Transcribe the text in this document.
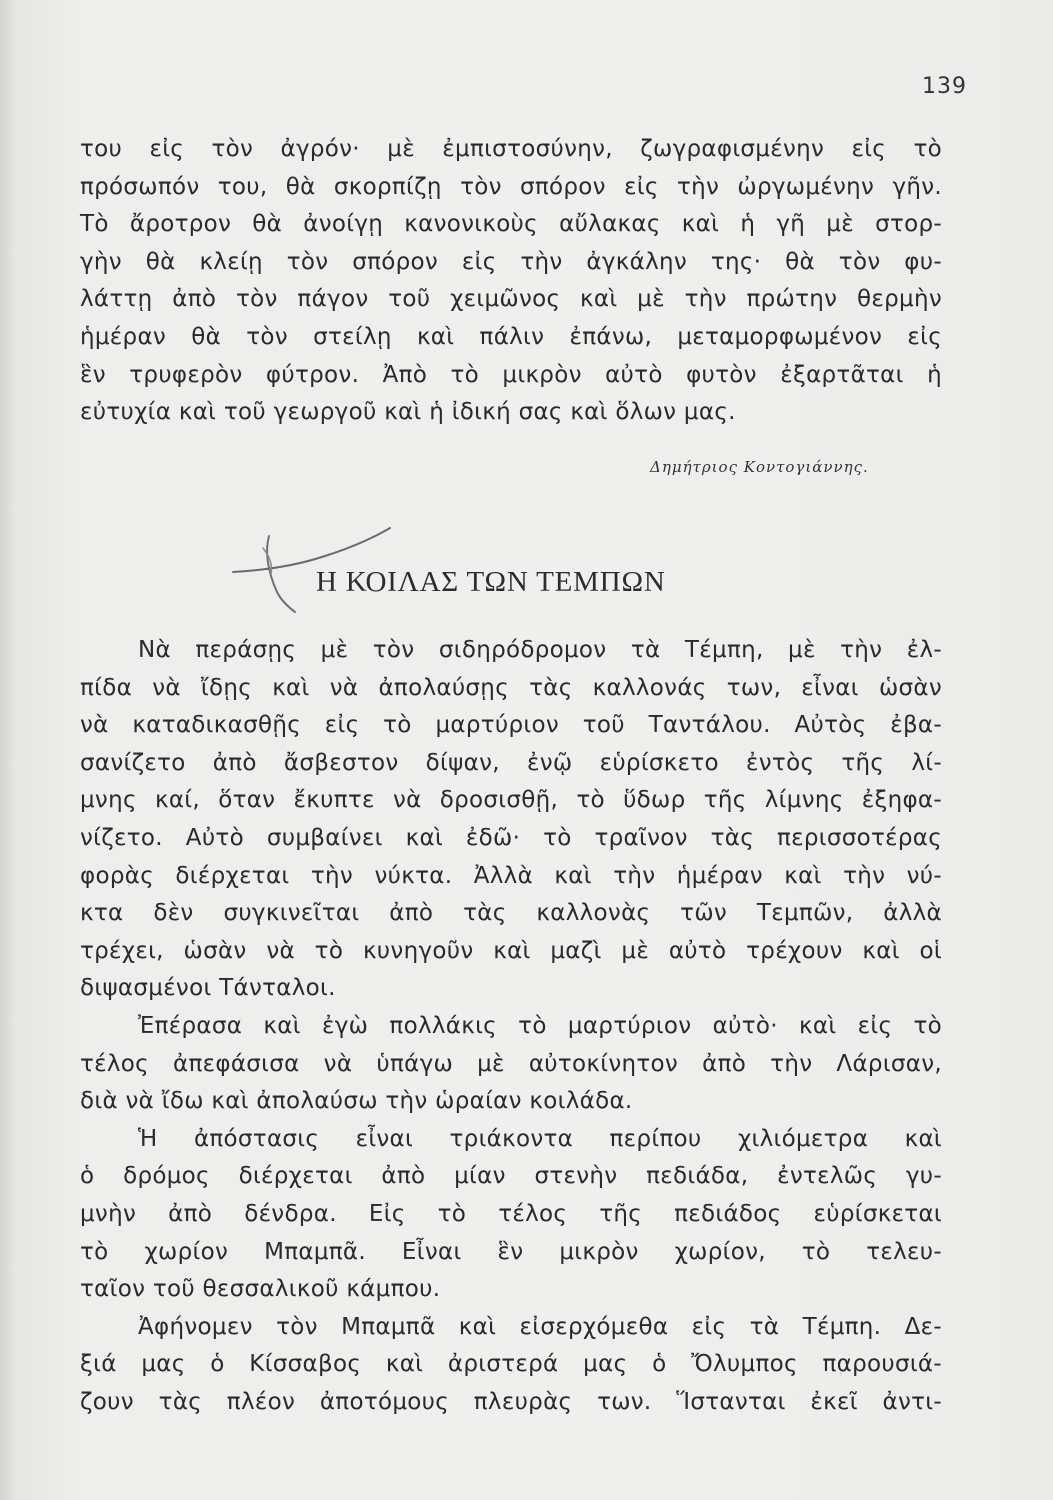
139
του εἰς τὸν ἀγρόν· μὲ ἐμπιστοσύνην, ζωγραφισμένην εἰς τὸ
πρόσωπόν του, θὰ σκορπίζῃ τὸν σπόρον εἰς τὴν ὠργωμένην γῆν.
Τὸ ἄροτρον θὰ ἀνοίγῃ κανονικοὺς αὔλακας καὶ ἡ γῆ μὲ στορ-
γὴν θὰ κλείῃ τὸν σπόρον εἰς τὴν ἀγκάλην της· θὰ τὸν φυ-
λάττῃ ἀπὸ τὸν πάγον τοῦ χειμῶνος καὶ μὲ τὴν πρώτην θερμὴν
ἡμέραν θὰ τὸν στείλῃ καὶ πάλιν ἐπάνω, μεταμορφωμένον εἰς
ἓν τρυφερὸν φύτρον. Ἀπὸ τὸ μικρὸν αὐτὸ φυτὸν ἐξαρτᾶται ἡ
εὐτυχία καὶ τοῦ γεωργοῦ καὶ ἡ ἰδική σας καὶ ὅλων μας.
Δημήτριος Κοντογιάννης.
Η ΚΟΙΛΑΣ ΤΩΝ ΤΕΜΠΩΝ
Νὰ περάσῃς μὲ τὸν σιδηρόδρομον τὰ Τέμπη, μὲ τὴν ἐλ-
πίδα νὰ ἴδῃς καὶ νὰ ἀπολαύσῃς τὰς καλλονάς των, εἶναι ὡσὰν
νὰ καταδικασθῇς εἰς τὸ μαρτύριον τοῦ Ταντάλου. Αὐτὸς ἐβα-
σανίζετο ἀπὸ ἄσβεστον δίψαν, ἐνῷ εὑρίσκετο ἐντὸς τῆς λί-
μνης καί, ὅταν ἔκυπτε νὰ δροσισθῇ, τὸ ὕδωρ τῆς λίμνης ἐξηφα-
νίζετο. Αὐτὸ συμβαίνει καὶ ἐδῶ· τὸ τραῖνον τὰς περισσοτέρας
φορὰς διέρχεται τὴν νύκτα. Ἀλλὰ καὶ τὴν ἡμέραν καὶ τὴν νύ-
κτα δὲν συγκινεῖται ἀπὸ τὰς καλλονὰς τῶν Τεμπῶν, ἀλλὰ
τρέχει, ὡσὰν νὰ τὸ κυνηγοῦν καὶ μαζὶ μὲ αὐτὸ τρέχουν καὶ οἱ
διψασμένοι Τάνταλοι.
Ἐπέρασα καὶ ἐγὼ πολλάκις τὸ μαρτύριον αὐτὸ· καὶ εἰς τὸ
τέλος ἀπεφάσισα νὰ ὑπάγω μὲ αὐτοκίνητον ἀπὸ τὴν Λάρισαν,
διὰ νὰ ἴδω καὶ ἀπολαύσω τὴν ὡραίαν κοιλάδα.
Ἡ ἀπόστασις εἶναι τριάκοντα περίπου χιλιόμετρα καὶ
ὁ δρόμος διέρχεται ἀπὸ μίαν στενὴν πεδιάδα, ἐντελῶς γυ-
μνὴν ἀπὸ δένδρα. Εἰς τὸ τέλος τῆς πεδιάδος εὑρίσκεται
τὸ χωρίον Μπαμπᾶ. Εἶναι ἓν μικρὸν χωρίον, τὸ τελευ-
ταῖον τοῦ θεσσαλικοῦ κάμπου.
Ἀφήνομεν τὸν Μπαμπᾶ καὶ εἰσερχόμεθα εἰς τὰ Τέμπη. Δε-
ξιά μας ὁ Κίσσαβος καὶ ἀριστερά μας ὁ Ὄλυμπος παρουσιά-
ζουν τὰς πλέον ἀποτόμους πλευρὰς των. Ἵστανται ἐκεῖ ἀντι-
